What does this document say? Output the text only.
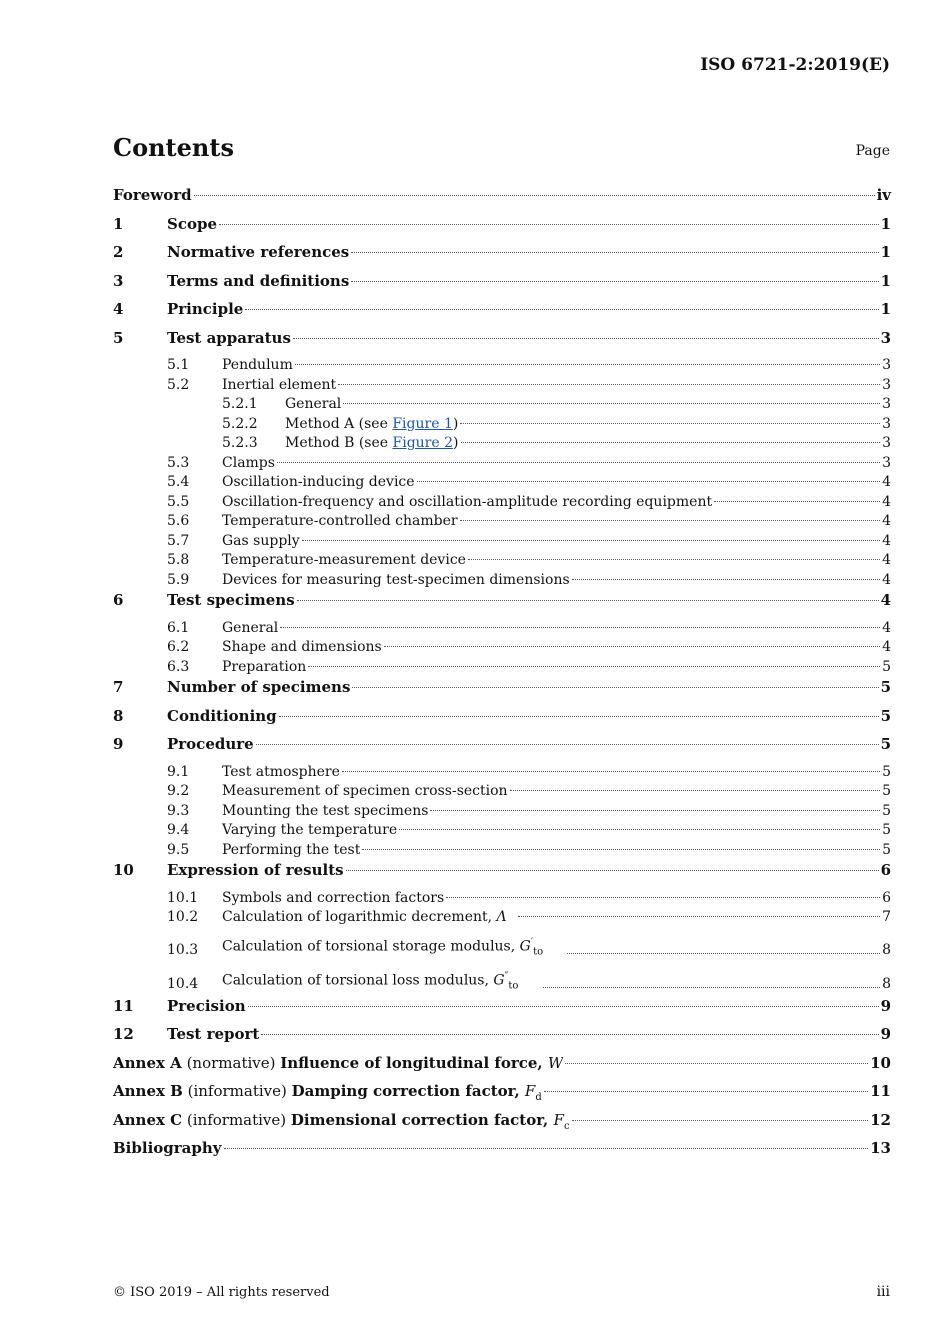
ISO 6721-2:2019(E)
Contents	Page
Foreword	iv
1	Scope	1
2	Normative references	1
3	Terms and definitions	1
4	Principle	1
5	Test apparatus	3
5.1	Pendulum	3
5.2	Inertial element	3
5.2.1	General	3
5.2.2	Method A (see Figure 1)	3
5.2.3	Method B (see Figure 2)	3
5.3	Clamps	3
5.4	Oscillation-inducing device	4
5.5	Oscillation-frequency and oscillation-amplitude recording equipment	4
5.6	Temperature-controlled chamber	4
5.7	Gas supply	4
5.8	Temperature-measurement device	4
5.9	Devices for measuring test-specimen dimensions	4
6	Test specimens	4
6.1	General	4
6.2	Shape and dimensions	4
6.3	Preparation	5
7	Number of specimens	5
8	Conditioning	5
9	Procedure	5
9.1	Test atmosphere	5
9.2	Measurement of specimen cross-section	5
9.3	Mounting the test specimens	5
9.4	Varying the temperature	5
9.5	Performing the test	5
10	Expression of results	6
10.1	Symbols and correction factors	6
10.2	Calculation of logarithmic decrement, Λ	7
10.3	Calculation of torsional storage modulus, $G'_{to}$	8
10.4	Calculation of torsional loss modulus, $G''_{to}$	8
11	Precision	9
12	Test report	9
Annex A (normative) Influence of longitudinal force, W	10
Annex B (informative) Damping correction factor, $F_d$	11
Annex C (informative) Dimensional correction factor, $F_c$	12
Bibliography	13
© ISO 2019 – All rights reserved	iii
